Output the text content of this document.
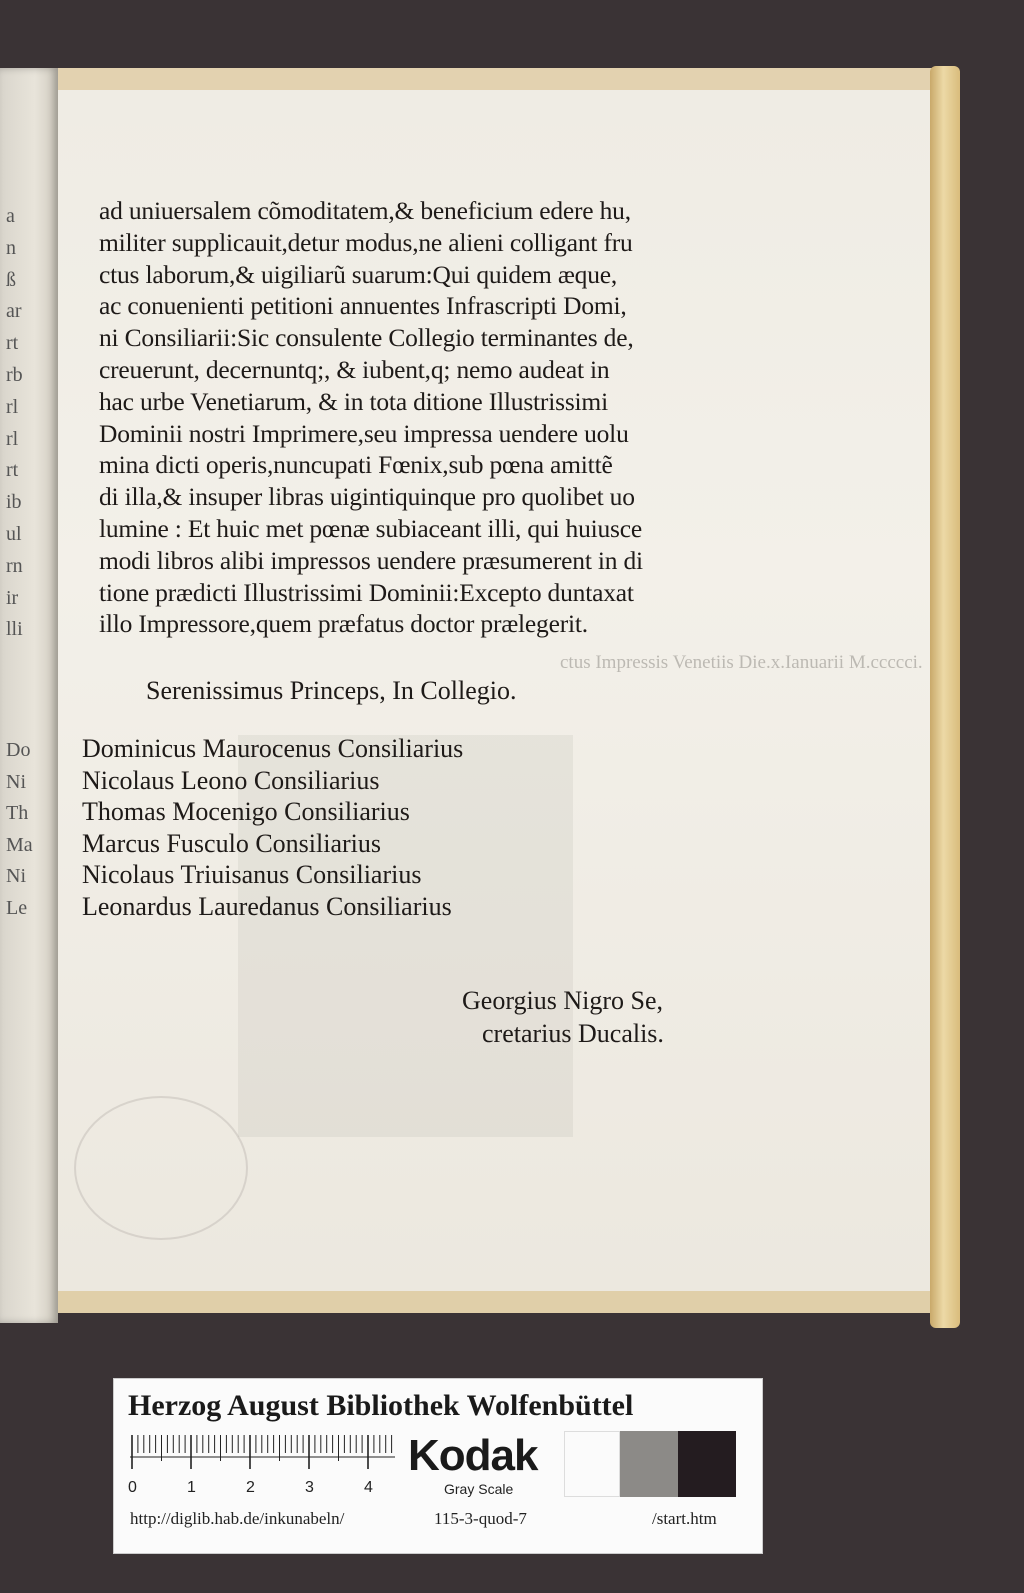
a
n
ß
ar
rt
rb
rl
rl
rt
ib
ul
rn
ir
lli
Do
Ni
Th
Ma
Ni
Le
ad uniuersalem cõmoditatem,& beneficium edere hu,
militer supplicauit,detur modus,ne alieni colligant fru
ctus laborum,& uigiliarũ suarum:Qui quidem æque,
ac conuenienti petitioni annuentes Infrascripti Domi,
ni Consiliarii:Sic consulente Collegio terminantes de,
creuerunt, decernuntq;, & iubent,q; nemo audeat in
hac urbe Venetiarum, & in tota ditione Illustrissimi
Dominii nostri Imprimere,seu impressa uendere uolu
mina dicti operis,nuncupati Fœnix,sub pœna amittẽ
di illa,& insuper libras uigintiquinque pro quolibet uo
lumine : Et huic met pœnæ subiaceant illi, qui huiusce
modi libros alibi impressos uendere præsumerent in di
tione prædicti Illustrissimi Dominii:Excepto duntaxat
illo Impressore,quem præfatus doctor prælegerit.
ctus Impressis Venetiis Die.x.Ianuarii M.ccccci.
Serenissimus Princeps, In Collegio.
Dominicus Maurocenus Consiliarius
Nicolaus Leono Consiliarius
Thomas Mocenigo Consiliarius
Marcus Fusculo Consiliarius
Nicolaus Triuisanus Consiliarius
Leonardus Lauredanus Consiliarius
Georgius Nigro Se,
cretarius Ducalis.
Herzog August Bibliothek Wolfenbüttel
0	1	2	3	4
Kodak
Gray Scale
http://diglib.hab.de/inkunabeln/	115-3-quod-7	/start.htm
